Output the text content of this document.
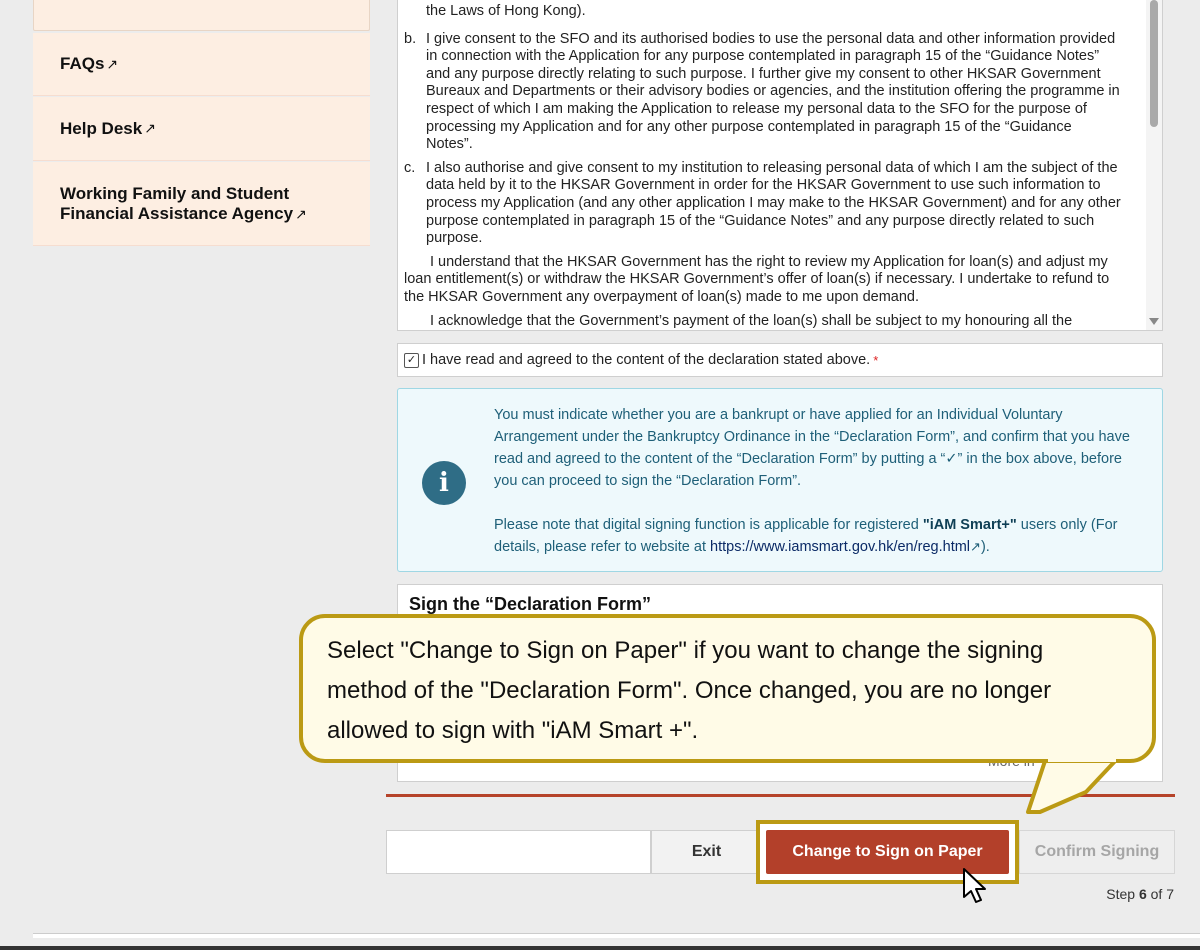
FAQs ↗
Help Desk ↗
Working Family and Student Financial Assistance Agency ↗
the Laws of Hong Kong).
b. I give consent to the SFO and its authorised bodies to use the personal data and other information provided in connection with the Application for any purpose contemplated in paragraph 15 of the “Guidance Notes” and any purpose directly relating to such purpose. I further give my consent to other HKSAR Government Bureaux and Departments or their advisory bodies or agencies, and the institution offering the programme in respect of which I am making the Application to release my personal data to the SFO for the purpose of processing my Application and for any other purpose contemplated in paragraph 15 of the “Guidance Notes”.
c. I also authorise and give consent to my institution to releasing personal data of which I am the subject of the data held by it to the HKSAR Government in order for the HKSAR Government to use such information to process my Application (and any other application I may make to the HKSAR Government) and for any other purpose contemplated in paragraph 15 of the “Guidance Notes” and any purpose directly related to such purpose.

I understand that the HKSAR Government has the right to review my Application for loan(s) and adjust my loan entitlement(s) or withdraw the HKSAR Government’s offer of loan(s) if necessary. I undertake to refund to the HKSAR Government any overpayment of loan(s) made to me upon demand.

I acknowledge that the Government’s payment of the loan(s) shall be subject to my honouring all the

✓ I have read and agreed to the content of the declaration stated above. *
i
You must indicate whether you are a bankrupt or have applied for an Individual Voluntary Arrangement under the Bankruptcy Ordinance in the “Declaration Form”, and confirm that you have read and agreed to the content of the “Declaration Form” by putting a “✓” in the box above, before you can proceed to sign the “Declaration Form”.
Please note that digital signing function is applicable for registered "iAM Smart+" users only (For details, please refer to website at https://www.iamsmart.gov.hk/en/reg.html↗).
Sign the “Declaration Form”
Exit	Change to Sign on Paper	Confirm Signing
Step 6 of 7
Select "Change to Sign on Paper" if you want to change the signing method of the "Declaration Form". Once changed, you are no longer allowed to sign with "iAM Smart +".
